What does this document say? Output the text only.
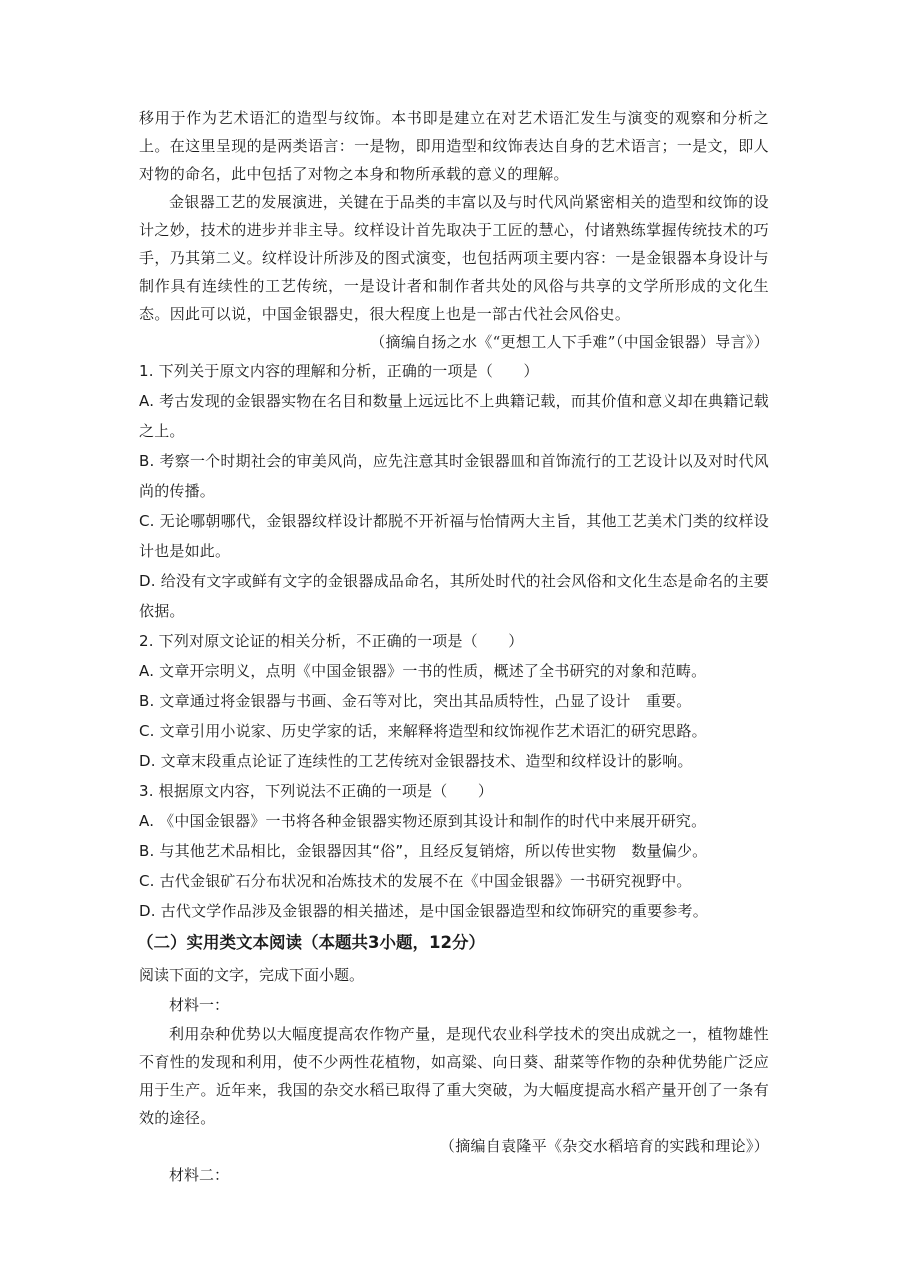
移用于作为艺术语汇的造型与纹饰。本书即是建立在对艺术语汇发生与演变的观察和分析之上。在这里呈现的是两类语言：一是物，即用造型和纹饰表达自身的艺术语言；一是文，即人对物的命名，此中包括了对物之本身和物所承载的意义的理解。

金银器工艺的发展演进，关键在于品类的丰富以及与时代风尚紧密相关的造型和纹饰的设计之妙，技术的进步并非主导。纹样设计首先取决于工匠的慧心，付诸熟练掌握传统技术的巧手，乃其第二义。纹样设计所涉及的图式演变，也包括两项主要内容：一是金银器本身设计与制作具有连续性的工艺传统，一是设计者和制作者共处的风俗与共享的文学所形成的文化生态。因此可以说，中国金银器史，很大程度上也是一部古代社会风俗史。

（摘编自扬之水《“更想工人下手难”（中国金银器）导言》）

1. 下列关于原文内容的理解和分析，正确的一项是（　　）

A. 考古发现的金银器实物在名目和数量上远远比不上典籍记载，而其价值和意义却在典籍记载之上。

B. 考察一个时期社会的审美风尚，应先注意其时金银器皿和首饰流行的工艺设计以及对时代风尚的传播。

C. 无论哪朝哪代，金银器纹样设计都脱不开祈福与怡情两大主旨，其他工艺美术门类的纹样设计也是如此。

D. 给没有文字或鲜有文字的金银器成品命名，其所处时代的社会风俗和文化生态是命名的主要依据。

2. 下列对原文论证的相关分析，不正确的一项是（　　）

A. 文章开宗明义，点明《中国金银器》一书的性质，概述了全书研究的对象和范畴。

B. 文章通过将金银器与书画、金石等对比，突出其品质特性，凸显了设计　重要。

C. 文章引用小说家、历史学家的话，来解释将造型和纹饰视作艺术语汇的研究思路。

D. 文章末段重点论证了连续性的工艺传统对金银器技术、造型和纹样设计的影响。

3. 根据原文内容，下列说法不正确的一项是（　　）

A. 《中国金银器》一书将各种金银器实物还原到其设计和制作的时代中来展开研究。

B. 与其他艺术品相比，金银器因其“俗”，且经反复销熔，所以传世实物　数量偏少。

C. 古代金银矿石分布状况和冶炼技术的发展不在《中国金银器》一书研究视野中。

D. 古代文学作品涉及金银器的相关描述，是中国金银器造型和纹饰研究的重要参考。

（二）实用类文本阅读（本题共3小题，12分）

阅读下面的文字，完成下面小题。

材料一：

利用杂种优势以大幅度提高农作物产量，是现代农业科学技术的突出成就之一，植物雄性不育性的发现和利用，使不少两性花植物，如高粱、向日葵、甜菜等作物的杂种优势能广泛应用于生产。近年来，我国的杂交水稻已取得了重大突破，为大幅度提高水稻产量开创了一条有效的途径。

（摘编自袁隆平《杂交水稻培育的实践和理论》）

材料二：
